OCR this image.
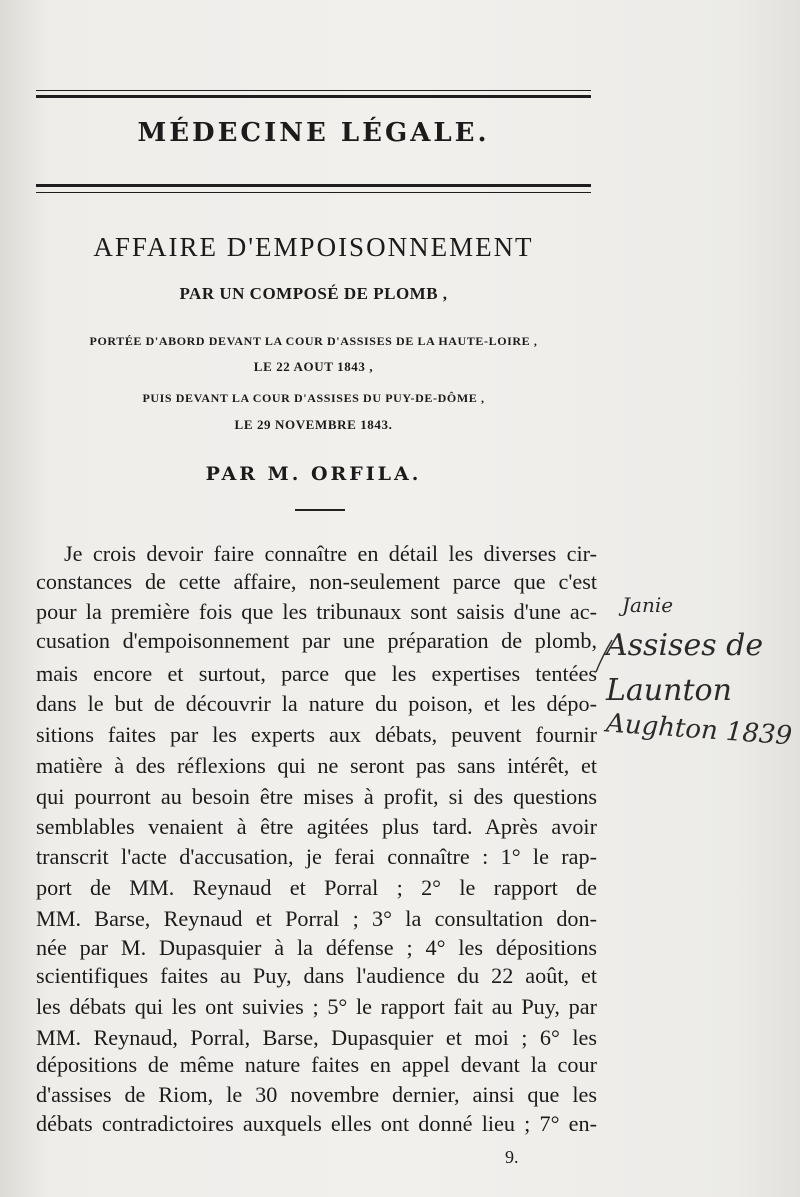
MÉDECINE LÉGALE.
AFFAIRE D'EMPOISONNEMENT
PAR UN COMPOSÉ DE PLOMB ,
PORTÉE D'ABORD DEVANT LA COUR D'ASSISES DE LA HAUTE-LOIRE ,
LE 22 AOUT 1843 ,
PUIS DEVANT LA COUR D'ASSISES DU PUY-DE-DÔME ,
LE 29 NOVEMBRE 1843.
PAR M. ORFILA.
Je crois devoir faire connaître en détail les diverses cir-
constances de cette affaire, non-seulement parce que c'est
pour la première fois que les tribunaux sont saisis d'une ac-
cusation d'empoisonnement par une préparation de plomb,
mais encore et surtout, parce que les expertises tentées
dans le but de découvrir la nature du poison, et les dépo-
sitions faites par les experts aux débats, peuvent fournir
matière à des réflexions qui ne seront pas sans intérêt, et
qui pourront au besoin être mises à profit, si des questions
semblables venaient à être agitées plus tard. Après avoir
transcrit l'acte d'accusation, je ferai connaître : 1° le rap-
port de MM. Reynaud et Porral ; 2° le rapport de
MM. Barse, Reynaud et Porral ; 3° la consultation don-
née par M. Dupasquier à la défense ; 4° les dépositions
scientifiques faites au Puy, dans l'audience du 22 août, et
les débats qui les ont suivies ; 5° le rapport fait au Puy, par
MM. Reynaud, Porral, Barse, Dupasquier et moi ; 6° les
dépositions de même nature faites en appel devant la cour
d'assises de Riom, le 30 novembre dernier, ainsi que les
débats contradictoires auxquels elles ont donné lieu ; 7° en-
9.
Janie
Assises de
Launton
Aughton 1839
